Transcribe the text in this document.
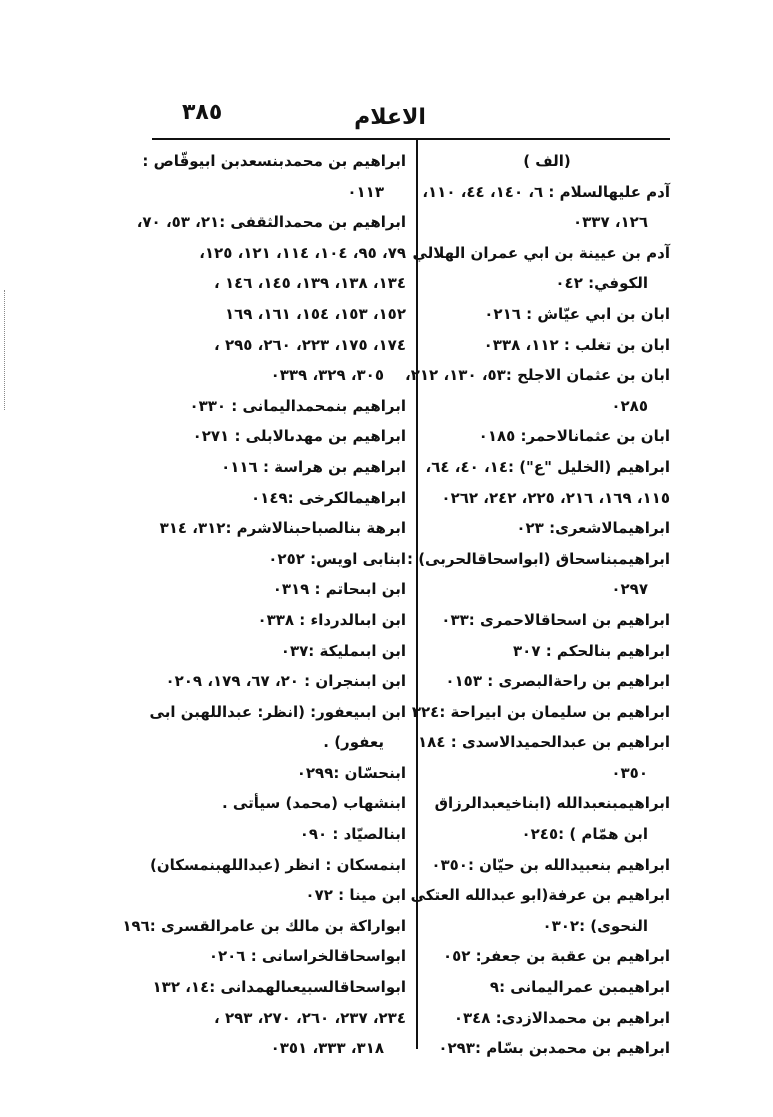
٣٨٥	الاعلام
(الف )
آدم عليهالسلام : ٦، ١٤٠، ٤٤، ١١٠،
١٢٦، ٠٣٣٧
آدم بن عيينة بن ابي عمران الهلالي
الكوفي: ٠٤٢
ابان بن ابي عيّاش : ٠٢١٦
ابان بن تغلب : ١١٢، ٠٣٣٨
ابان بن عثمان الاجلح :٥٣، ١٣٠، ٢١٢،
٠٢٨٥
ابان بن عثمانالاحمر: ٠١٨٥
ابراهيم (الخليل "ع") :١٤، ٤٠، ٦٤،
١١٥، ١٦٩، ٢١٦، ٢٢٥، ٢٤٢، ٠٢٦٢
ابراهيمالاشعرى: ٠٢٣
ابراهيمبناسحاق (ابواسحاقالحربى) :
٠٢٩٧
ابراهيم بن اسحاقالاحمرى :٠٣٣
ابراهيم بنالحكم : ٣٠٧
ابراهيم بن راحةالبصرى : ٠١٥٣
ابراهيم بن سليمان بن ابيراحة :٣٢٤
ابراهيم بن عبدالحميدالاسدى : ١٨٤
٠٣٥٠
ابراهيمبنعبدالله (ابناخيعبدالرزاق
ابن همّام ) :٠٢٤٥
ابراهيم بنعبيدالله بن حيّان :٠٣٥٠
ابراهيم بن عرفة(ابو عبدالله العتكى
النحوى) :٠٣٠٢
ابراهيم بن عقبة بن جعفر: ٠٥٢
ابراهيمبن عمراليمانى :٩
ابراهيم بن محمدالازدى: ٠٣٤٨
ابراهيم بن محمدبن بسّام :٠٢٩٣
ابراهيم بن محمدبنسعدبن ابيوقّاص :
٠١١٣
ابراهيم بن محمدالثقفى :٢١، ٥٣، ٧٠،
٧٩، ٩٥، ١٠٤، ١١٤، ١٢١، ١٢٥،
١٣٤، ١٣٨، ١٣٩، ١٤٥، ١٤٦ ،
١٥٢، ١٥٣، ١٥٤، ١٦١، ١٦٩
١٧٤، ١٧٥، ٢٢٣، ٢٦٠، ٢٩٥ ،
٣٠٥، ٣٢٩، ٠٣٣٩
ابراهيم بنمحمداليمانى : ٠٣٣٠
ابراهيم بن مهدىالابلى : ٠٢٧١
ابراهيم بن هراسة : ٠١١٦
ابراهيمالكرخى :٠١٤٩
ابرهة بنالصباحبنالاشرم :٣١٢، ٣١٤
ابنابى اويس: ٠٢٥٢
ابن ابىحاتم : ٠٣١٩
ابن ابىالدرداء : ٠٣٣٨
ابن ابىمليكة :٠٣٧
ابن ابىنجران : ٢٠، ٦٧، ١٧٩، ٠٢٠٩
ابن ابىيعفور: (انظر: عبداللهبن ابى
يعفور) .
ابنحسّان :٠٢٩٩
ابنشهاب (محمد) سيأتى .
ابنالصيّاد : ٠٩٠
ابنمسكان : انظر (عبداللهبنمسكان)
ابن مينا : ٠٧٢
ابواراكة بن مالك بن عامرالقسرى :١٩٦
ابواسحاقالخراسانى : ٠٢٠٦
ابواسحاقالسبيعىالهمدانى :١٤، ١٣٢
٢٣٤، ٢٣٧، ٢٦٠، ٢٧٠، ٢٩٣ ،
٣١٨، ٣٣٣، ٠٣٥١
